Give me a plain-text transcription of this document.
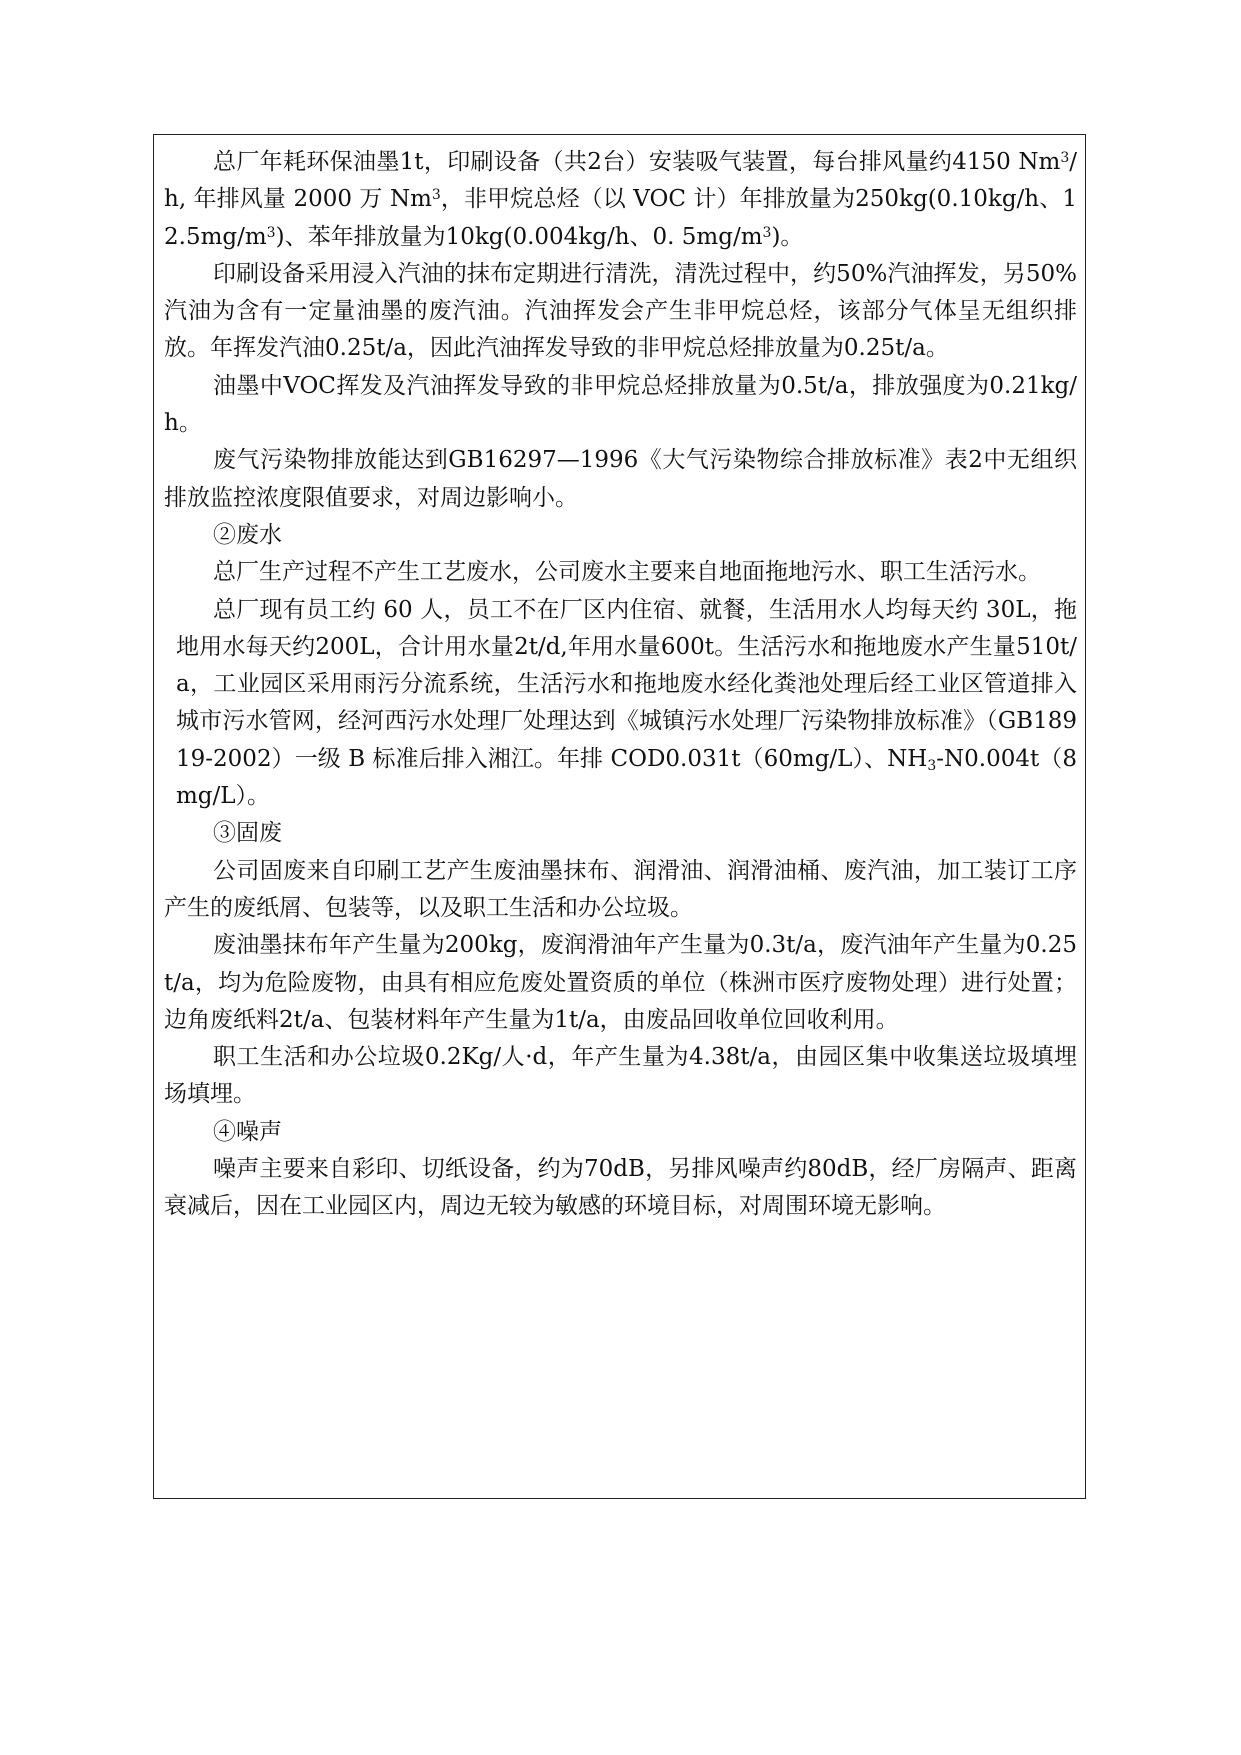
总厂年耗环保油墨1t，印刷设备（共2台）安装吸气装置，每台排风量约4150 Nm$^3$/h, 年排风量 2000 万 Nm$^3$，非甲烷总烃（以 VOC 计）年排放量为250kg(0.10kg/h、$12.5mg/m^3$)、苯年排放量为10kg(0.004kg/h、0. $5mg/m^3$)。

印刷设备采用浸入汽油的抹布定期进行清洗，清洗过程中，约50%汽油挥发，另50%汽油为含有一定量油墨的废汽油。汽油挥发会产生非甲烷总烃，该部分气体呈无组织排放。年挥发汽油0.25t/a，因此汽油挥发导致的非甲烷总烃排放量为0.25t/a。

油墨中VOC挥发及汽油挥发导致的非甲烷总烃排放量为0.5t/a，排放强度为0.21kg/h。

废气污染物排放能达到GB16297—1996《大气污染物综合排放标准》表2中无组织排放监控浓度限值要求，对周边影响小。

②废水

总厂生产过程不产生工艺废水，公司废水主要来自地面拖地污水、职工生活污水。

总厂现有员工约 60 人，员工不在厂区内住宿、就餐，生活用水人均每天约 30L，拖地用水每天约200L，合计用水量2t/d,年用水量600t。生活污水和拖地废水产生量510t/a，工业园区采用雨污分流系统，生活污水和拖地废水经化粪池处理后经工业区管道排入城市污水管网，经河西污水处理厂处理达到《城镇污水处理厂污染物排放标准》（GB18919-2002）一级 B 标准后排入湘江。年排 COD0.031t（60mg/L）、$NH_3-N0.004t(8$ mg/L）。

③固废

公司固废来自印刷工艺产生废油墨抹布、润滑油、润滑油桶、废汽油，加工装订工序产生的废纸屑、包装等，以及职工生活和办公垃圾。

废油墨抹布年产生量为200kg，废润滑油年产生量为0.3t/a，废汽油年产生量为0.25t/a，均为危险废物，由具有相应危废处置资质的单位（株洲市医疗废物处理）进行处置；边角废纸料2t/a、包装材料年产生量为1t/a，由废品回收单位回收利用。

职工生活和办公垃圾0.2Kg/人·d，年产生量为4.38t/a，由园区集中收集送垃圾填埋场填埋。

④噪声

噪声主要来自彩印、切纸设备，约为70dB，另排风噪声约80dB，经厂房隔声、距离衰减后，因在工业园区内，周边无较为敏感的环境目标，对周围环境无影响。
